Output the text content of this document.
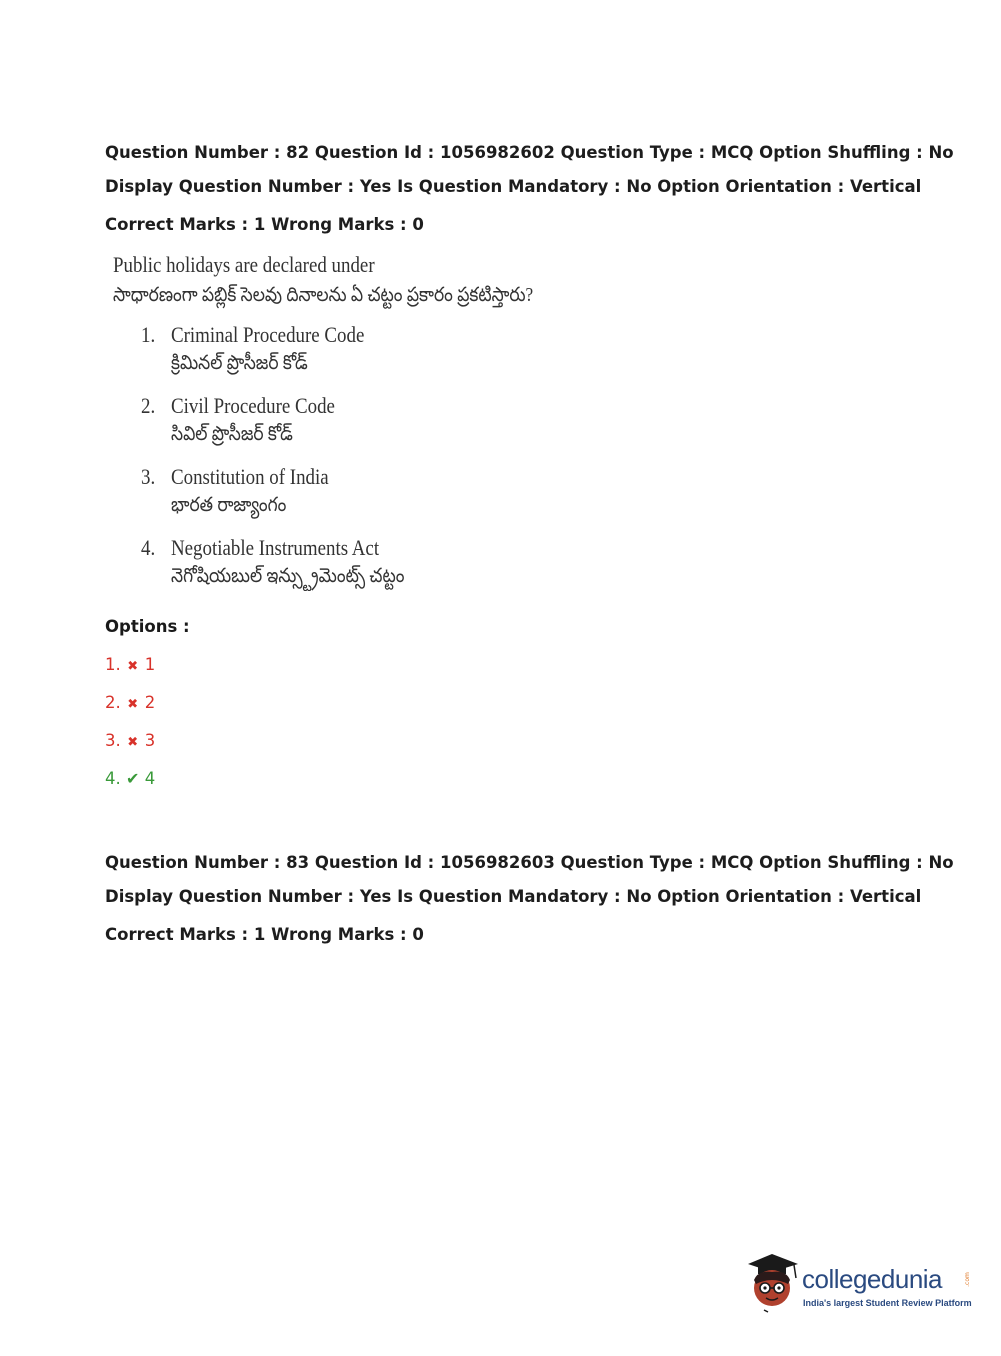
Question Number : 82 Question Id : 1056982602 Question Type : MCQ Option Shuffling : No
Display Question Number : Yes Is Question Mandatory : No Option Orientation : Vertical
Correct Marks : 1 Wrong Marks : 0
Public holidays are declared under
సాధారణంగా పబ్లిక్ సెలవు దినాలను ఏ చట్టం ప్రకారం ప్రకటిస్తారు?
1. Criminal Procedure Code
క్రిమినల్ ప్రొసీజర్ కోడ్
2. Civil Procedure Code
సివిల్ ప్రొసీజర్ కోడ్
3. Constitution of India
భారత రాజ్యాంగం
4. Negotiable Instruments Act
నెగోషియబుల్ ఇన్స్ట్రుమెంట్స్ చట్టం
Options :
1. ✖ 1
2. ✖ 2
3. ✖ 3
4. ✔ 4
Question Number : 83 Question Id : 1056982603 Question Type : MCQ Option Shuffling : No
Display Question Number : Yes Is Question Mandatory : No Option Orientation : Vertical
Correct Marks : 1 Wrong Marks : 0
collegedunia	.com
India's largest Student Review Platform
